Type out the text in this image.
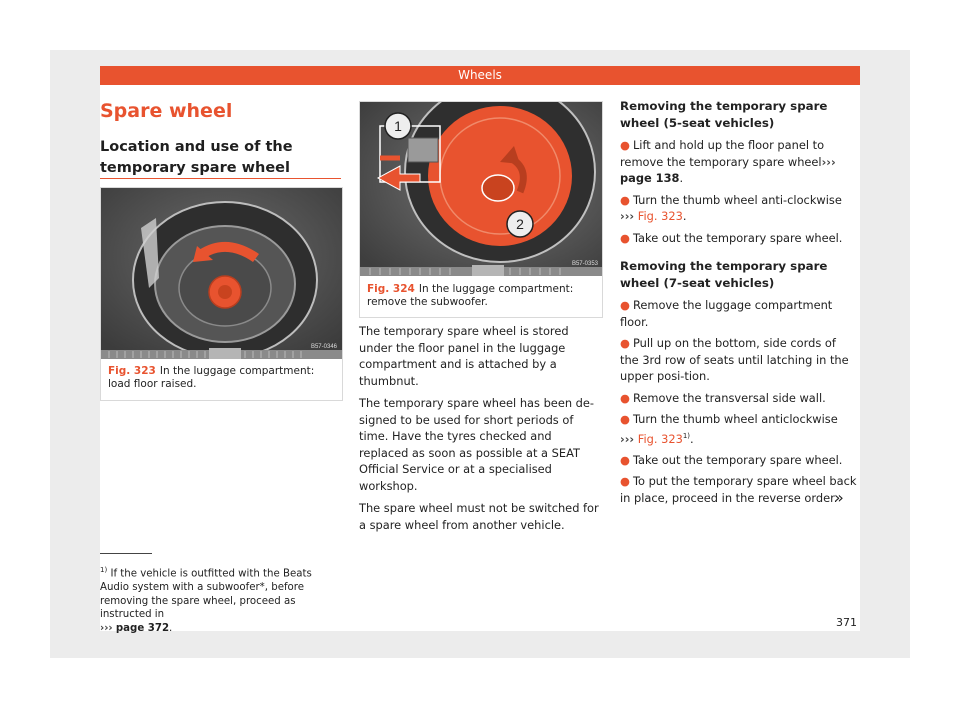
Wheels
Spare wheel
Location and use of the temporary spare wheel
B57-0346
Fig. 323 In the luggage compartment: load floor raised.
$^{1)}$ If the vehicle is outfitted with the Beats Audio system with a subwoofer*, before removing the spare wheel, proceed as instructed in
››› page 372.
1
2
B57-0353
Fig. 324 In the luggage compartment: remove the subwoofer.

The temporary spare wheel is stored under the floor panel in the luggage compartment and is attached by a thumbnut.

The temporary spare wheel has been de-signed to be used for short periods of time. Have the tyres checked and replaced as soon as possible at a SEAT Official Service or at a specialised workshop.

The spare wheel must not be switched for a spare wheel from another vehicle.

Removing the temporary spare wheel (5-seat vehicles)
● Lift and hold up the floor panel to remove the temporary spare wheel››› page 138.
● Turn the thumb wheel anti-clockwise
››› Fig. 323.
● Take out the temporary spare wheel.
Removing the temporary spare wheel (7-seat vehicles)
● Remove the luggage compartment floor.
● Pull up on the bottom, side cords of the 3rd row of seats until latching in the upper posi-tion.
● Remove the transversal side wall.
● Turn the thumb wheel anticlockwise
››› Fig. 323$^{1)}$.
● Take out the temporary spare wheel.
● To put the temporary spare wheel back in place, proceed in the reverse order.
»
371
